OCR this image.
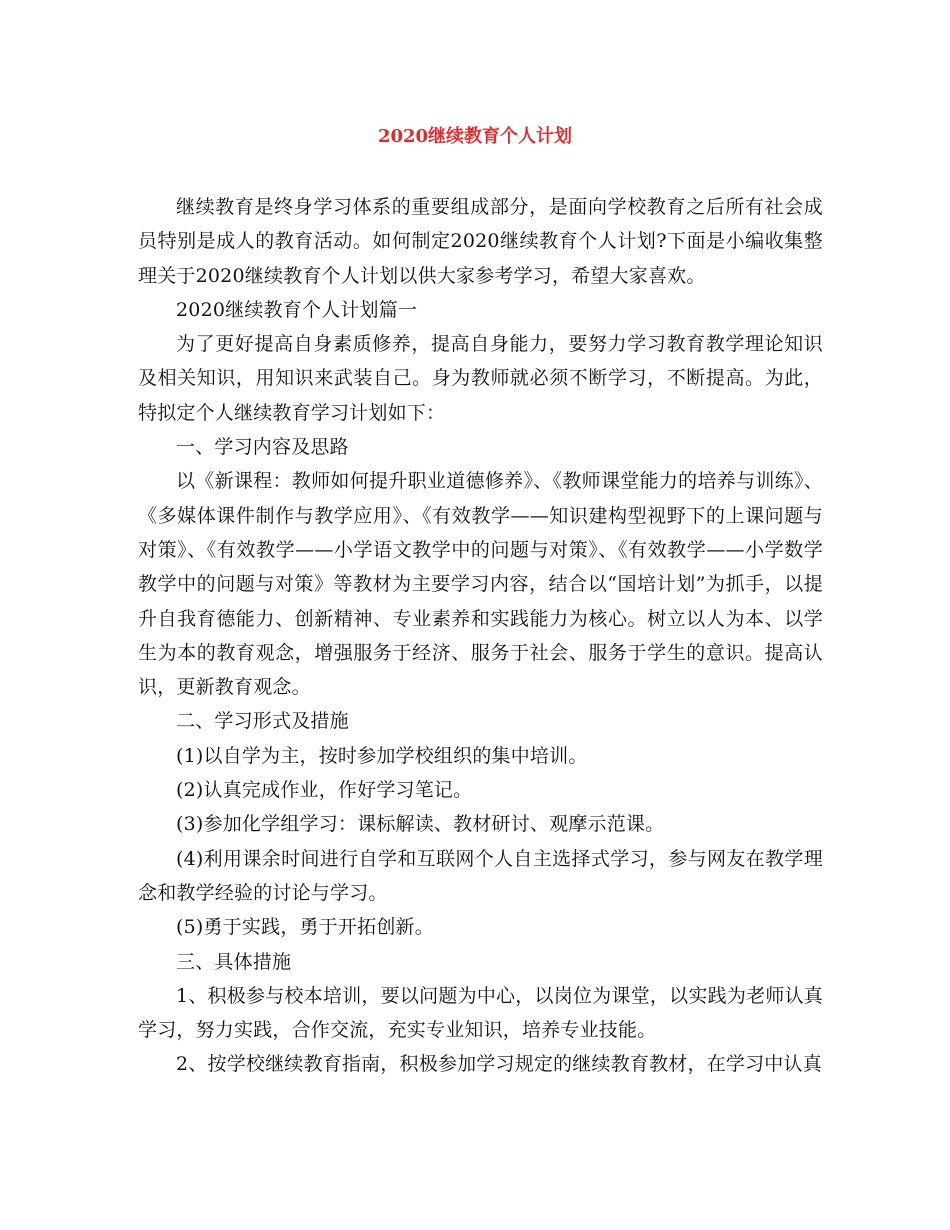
2020继续教育个人计划

继续教育是终身学习体系的重要组成部分，是面向学校教育之后所有社会成员特别是成人的教育活动。如何制定2020继续教育个人计划?下面是小编收集整理关于2020继续教育个人计划以供大家参考学习，希望大家喜欢。

2020继续教育个人计划篇一

为了更好提高自身素质修养，提高自身能力，要努力学习教育教学理论知识及相关知识，用知识来武装自己。身为教师就必须不断学习，不断提高。为此，特拟定个人继续教育学习计划如下：

一、学习内容及思路

以《新课程：教师如何提升职业道德修养》、《教师课堂能力的培养与训练》、《多媒体课件制作与教学应用》、《有效教学——知识建构型视野下的上课问题与对策》、《有效教学——小学语文教学中的问题与对策》、《有效教学——小学数学教学中的问题与对策》等教材为主要学习内容，结合以“国培计划”为抓手，以提升自我育德能力、创新精神、专业素养和实践能力为核心。树立以人为本、以学生为本的教育观念，增强服务于经济、服务于社会、服务于学生的意识。提高认识，更新教育观念。

二、学习形式及措施

(1)以自学为主，按时参加学校组织的集中培训。

(2)认真完成作业，作好学习笔记。

(3)参加化学组学习：课标解读、教材研讨、观摩示范课。

(4)利用课余时间进行自学和互联网个人自主选择式学习，参与网友在教学理念和教学经验的讨论与学习。

(5)勇于实践，勇于开拓创新。

三、具体措施

1、积极参与校本培训，要以问题为中心，以岗位为课堂，以实践为老师认真学习，努力实践，合作交流，充实专业知识，培养专业技能。

2、按学校继续教育指南，积极参加学习规定的继续教育教材，在学习中认真
